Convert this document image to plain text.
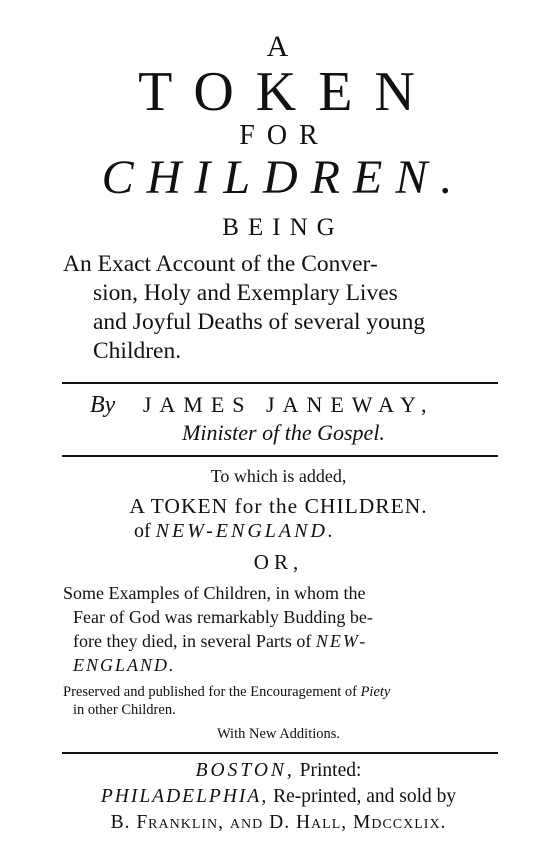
A
TOKEN
FOR
CHILDREN.
BEING
An Exact Account of the Conver-
sion, Holy and Exemplary Lives
and Joyful Deaths of several young
Children.
By JAMES JANEWAY,
Minister of the Gospel.
To which is added,
A TOKEN for the CHILDREN.
of NEW-ENGLAND.
OR,
Some Examples of Children, in whom the
Fear of God was remarkably Budding be-
fore they died, in several Parts of NEW-
ENGLAND.
Preserved and published for the Encouragement of Piety
in other Children.
With New Additions.
BOSTON, Printed:
PHILADELPHIA, Re-printed, and sold by
B. Franklin, and D. Hall, Mdccxlix.
